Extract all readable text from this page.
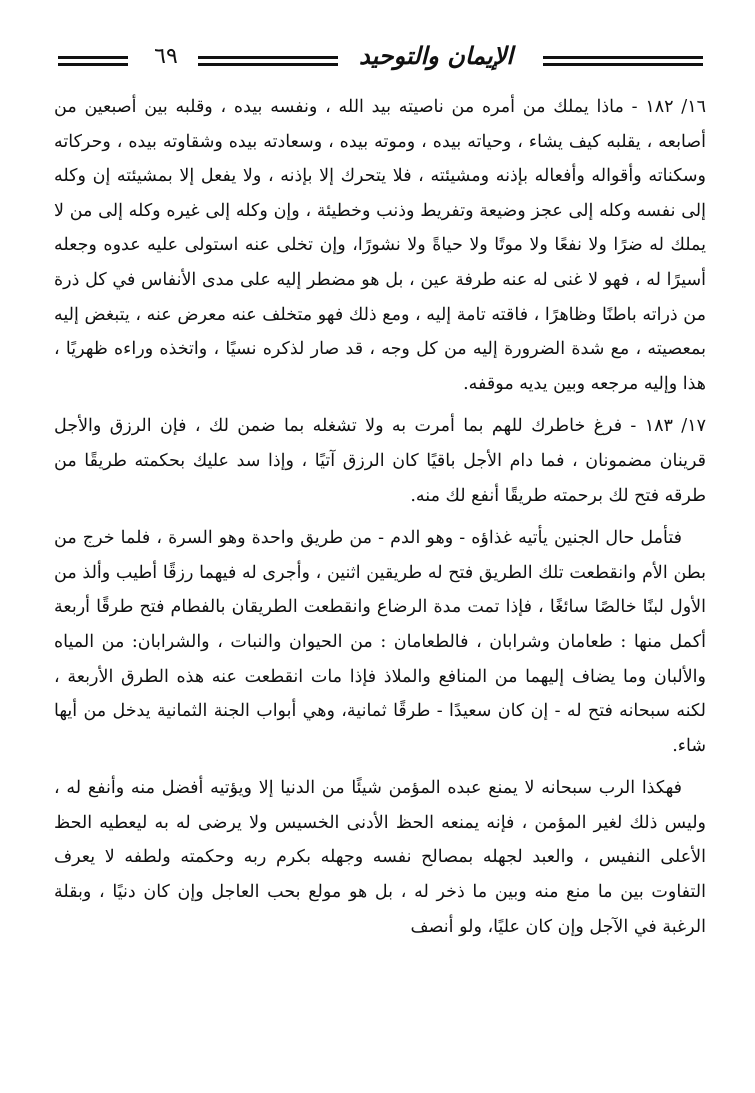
الإيمان والتوحيد
٦٩

١٦/ ١٨٢ - ماذا يملك من أمره من ناصيته بيد الله ، ونفسه بيده ، وقلبه بين أصبعين من أصابعه ، يقلبه كيف يشاء ، وحياته بيده ، وموته بيده ، وسعادته بيده وشقاوته بيده ، وحركاته وسكناته وأقواله وأفعاله بإذنه ومشيئته ، فلا يتحرك إلا بإذنه ، ولا يفعل إلا بمشيئته إن وكله إلى نفسه وكله إلى عجز وضيعة وتفريط وذنب وخطيئة ، وإن وكله إلى غيره وكله إلى من لا يملك له ضرًا ولا نفعًا ولا موتًا ولا حياةً ولا نشورًا، وإن تخلى عنه استولى عليه عدوه وجعله أسيرًا له ، فهو لا غنى له عنه طرفة عين ، بل هو مضطر إليه على مدى الأنفاس في كل ذرة من ذراته باطنًا وظاهرًا ، فاقته تامة إليه ، ومع ذلك فهو متخلف عنه معرض عنه ، يتبغض إليه بمعصيته ، مع شدة الضرورة إليه من كل وجه ، قد صار لذكره نسيًا ، واتخذه وراءه ظهريًا ، هذا وإليه مرجعه وبين يديه موقفه.

١٧/ ١٨٣ - فرغ خاطرك للهم بما أمرت به ولا تشغله بما ضمن لك ، فإن الرزق والأجل قرينان مضمونان ، فما دام الأجل باقيًا كان الرزق آتيًا ، وإذا سد عليك بحكمته طريقًا من طرقه فتح لك برحمته طريقًا أنفع لك منه.

فتأمل حال الجنين يأتيه غذاؤه - وهو الدم - من طريق واحدة وهو السرة ، فلما خرج من بطن الأم وانقطعت تلك الطريق فتح له طريقين اثنين ، وأجرى له فيهما رزقًا أطيب وألذ من الأول لبنًا خالصًا سائغًا ، فإذا تمت مدة الرضاع وانقطعت الطريقان بالفطام فتح طرقًا أربعة أكمل منها : طعامان وشرابان ، فالطعامان : من الحيوان والنبات ، والشرابان: من المياه والألبان وما يضاف إليهما من المنافع والملاذ فإذا مات انقطعت عنه هذه الطرق الأربعة ، لكنه سبحانه فتح له - إن كان سعيدًا - طرقًا ثمانية، وهي أبواب الجنة الثمانية يدخل من أيها شاء.

فهكذا الرب سبحانه لا يمنع عبده المؤمن شيئًا من الدنيا إلا ويؤتيه أفضل منه وأنفع له ، وليس ذلك لغير المؤمن ، فإنه يمنعه الحظ الأدنى الخسيس ولا يرضى له به ليعطيه الحظ الأعلى النفيس ، والعبد لجهله بمصالح نفسه وجهله بكرم ربه وحكمته ولطفه لا يعرف التفاوت بين ما منع منه وبين ما ذخر له ، بل هو مولع بحب العاجل وإن كان دنيًا ، وبقلة الرغبة في الآجل وإن كان عليًا، ولو أنصف
